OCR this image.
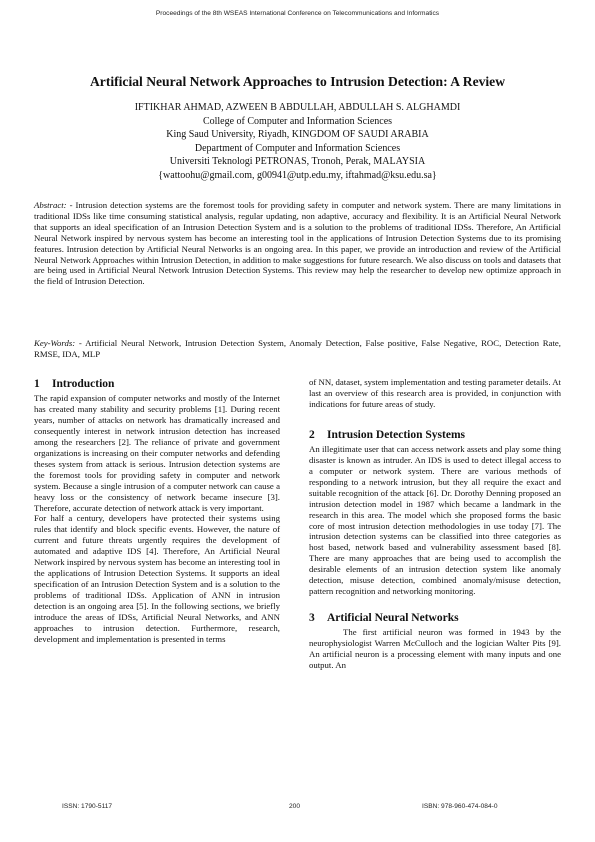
Proceedings of the 8th WSEAS International Conference on Telecommunications and Informatics
Artificial Neural Network Approaches to Intrusion Detection: A Review
IFTIKHAR AHMAD, AZWEEN B ABDULLAH, ABDULLAH S. ALGHAMDI
College of Computer and Information Sciences
King Saud University, Riyadh, KINGDOM OF SAUDI ARABIA
Department of Computer and Information Sciences
Universiti Teknologi PETRONAS, Tronoh, Perak, MALAYSIA
{wattoohu@gmail.com, g00941@utp.edu.my, iftahmad@ksu.edu.sa}

Abstract: - Intrusion detection systems are the foremost tools for providing safety in computer and network system. There are many limitations in traditional IDSs like time consuming statistical analysis, regular updating, non adaptive, accuracy and flexibility. It is an Artificial Neural Network that supports an ideal specification of an Intrusion Detection System and is a solution to the problems of traditional IDSs. Therefore, An Artificial Neural Network inspired by nervous system has become an interesting tool in the applications of Intrusion Detection Systems due to its promising features. Intrusion detection by Artificial Neural Networks is an ongoing area. In this paper, we provide an introduction and review of the Artificial Neural Network Approaches within Intrusion Detection, in addition to make suggestions for future research. We also discuss on tools and datasets that are being used in Artificial Neural Network Intrusion Detection Systems. This review may help the researcher to develop new optimize approach in the field of Intrusion Detection.

Key-Words: - Artificial Neural Network, Intrusion Detection System, Anomaly Detection, False positive, False Negative, ROC, Detection Rate, RMSE, IDA, MLP

1 Introduction

The rapid expansion of computer networks and mostly of the Internet has created many stability and security problems [1]. During recent years, number of attacks on network has dramatically increased and consequently interest in network intrusion detection has increased among the researchers [2]. The reliance of private and government organizations is increasing on their computer networks and defending theses system from attack is serious. Intrusion detection systems are the foremost tools for providing safety in computer and network system. Because a single intrusion of a computer network can cause a heavy loss or the consistency of network became insecure [3]. Therefore, accurate detection of network attack is very important.

For half a century, developers have protected their systems using rules that identify and block specific events. However, the nature of current and future threats urgently requires the development of automated and adaptive IDS [4]. Therefore, An Artificial Neural Network inspired by nervous system has become an interesting tool in the applications of Intrusion Detection Systems. It supports an ideal specification of an Intrusion Detection System and is a solution to the problems of traditional IDSs. Application of ANN in intrusion detection is an ongoing area [5]. In the following sections, we briefly introduce the areas of IDSs, Artificial Neural Networks, and ANN approaches to intrusion detection. Furthermore, research, development and implementation is presented in terms

of NN, dataset, system implementation and testing parameter details. At last an overview of this research area is provided, in conjunction with indications for future areas of study.

2 Intrusion Detection Systems

An illegitimate user that can access network assets and play some thing disaster is known as intruder. An IDS is used to detect illegal access to a computer or network system. There are various methods of responding to a network intrusion, but they all require the exact and suitable recognition of the attack [6]. Dr. Dorothy Denning proposed an intrusion detection model in 1987 which became a landmark in the research in this area. The model which she proposed forms the basic core of most intrusion detection methodologies in use today [7]. The intrusion detection systems can be classified into three categories as host based, network based and vulnerability assessment based [8]. There are many approaches that are being used to accomplish the desirable elements of an intrusion detection system like anomaly detection, misuse detection, combined anomaly/misuse detection, pattern recognition and networking monitoring.

3 Artificial Neural Networks

The first artificial neuron was formed in 1943 by the neurophysiologist Warren McCulloch and the logician Walter Pits [9]. An artificial neuron is a processing element with many inputs and one output. An

ISSN: 1790-5117	200	ISBN: 978-960-474-084-0
